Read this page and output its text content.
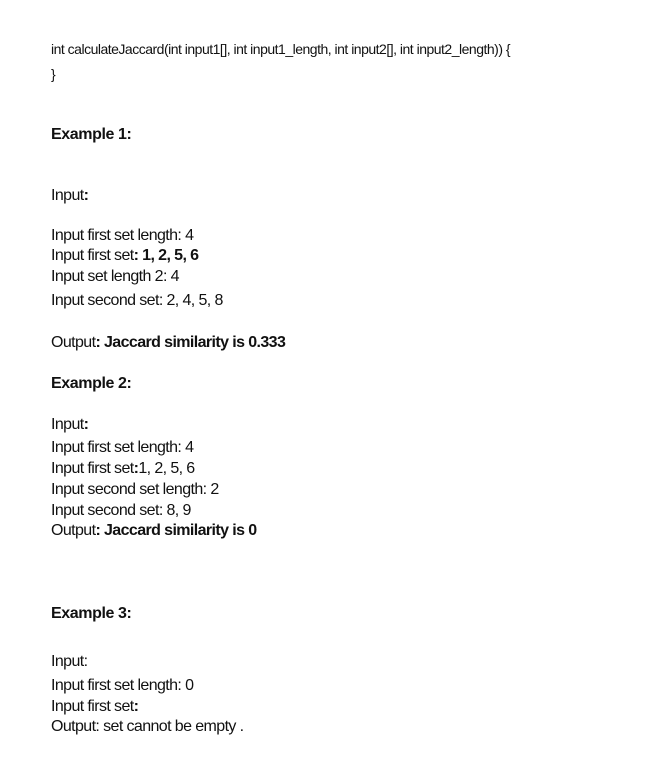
int calculateJaccard(int input1[], int input1_length, int input2[], int input2_length)) {
}
Example 1:
Input:
Input first set length: 4
Input first set: 1, 2, 5, 6
Input set length 2: 4
Input second set: 2, 4, 5, 8
Output: Jaccard similarity is 0.333
Example 2:
Input:
Input first set length: 4
Input first set:1, 2, 5, 6
Input second set length: 2
Input second set: 8, 9
Output: Jaccard similarity is 0
Example 3:
Input:
Input first set length: 0
Input first set:
Output: set cannot be empty .
